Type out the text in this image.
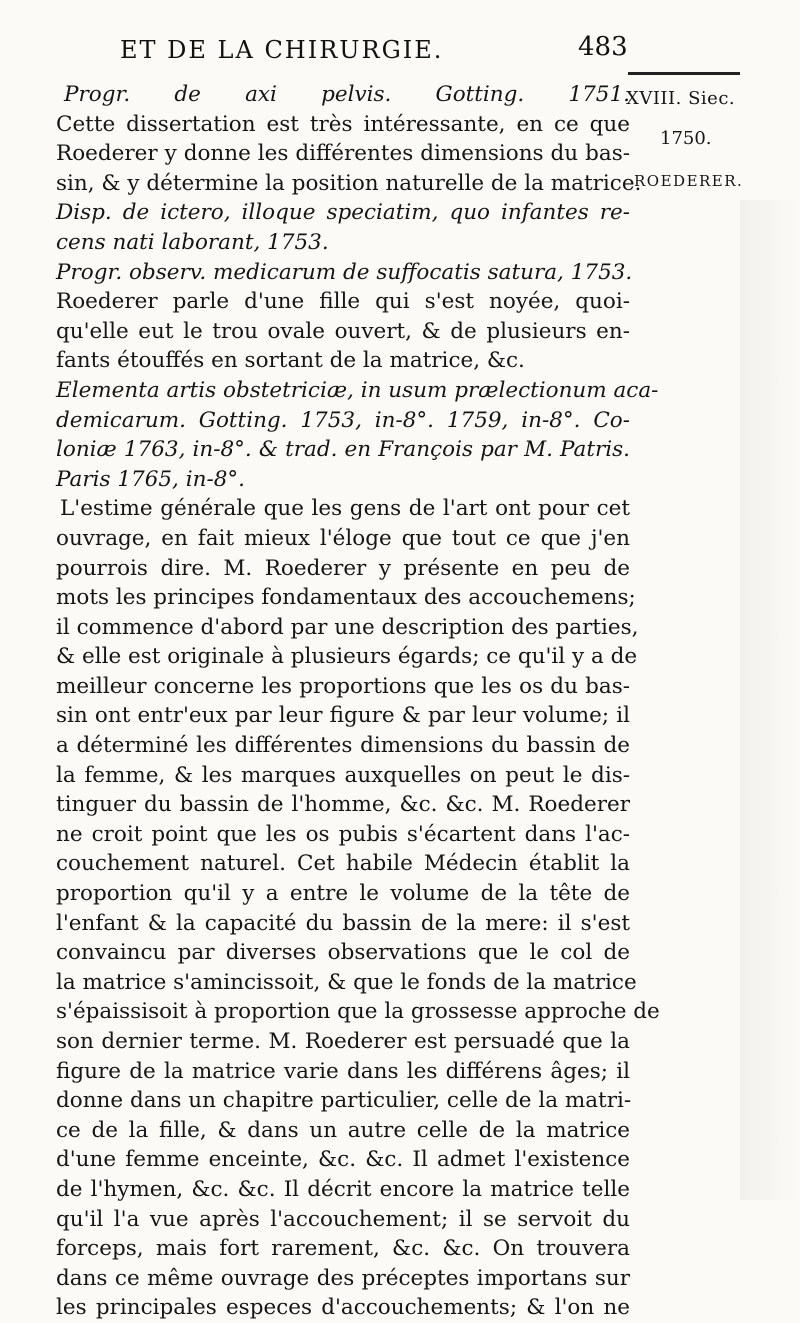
ET DE LA CHIRURGIE.	483
XVIII. Siec.
1750.
ROEDERER.
Progr. de axi pelvis. Gotting. 1751.
Cette dissertation est très intéressante, en ce que
Roederer y donne les différentes dimensions du bas-
sin, & y détermine la position naturelle de la matrice.
Disp. de ictero, illoque speciatim, quo infantes re-
cens nati laborant, 1753.
Progr. observ. medicarum de suffocatis satura, 1753.
Roederer parle d'une fille qui s'est noyée, quoi-
qu'elle eut le trou ovale ouvert, & de plusieurs en-
fants étouffés en sortant de la matrice, &c.
Elementa artis obstetriciæ, in usum prælectionum aca-
demicarum. Gotting. 1753, in-8°. 1759, in-8°. Co-
loniæ 1763, in-8°. & trad. en François par M. Patris.
Paris 1765, in-8°.
L'estime générale que les gens de l'art ont pour cet
ouvrage, en fait mieux l'éloge que tout ce que j'en
pourrois dire. M. Roederer y présente en peu de
mots les principes fondamentaux des accouchemens;
il commence d'abord par une description des parties,
& elle est originale à plusieurs égards; ce qu'il y a de
meilleur concerne les proportions que les os du bas-
sin ont entr'eux par leur figure & par leur volume; il
a déterminé les différentes dimensions du bassin de
la femme, & les marques auxquelles on peut le dis-
tinguer du bassin de l'homme, &c. &c. M. Roederer
ne croit point que les os pubis s'écartent dans l'ac-
couchement naturel. Cet habile Médecin établit la
proportion qu'il y a entre le volume de la tête de
l'enfant & la capacité du bassin de la mere: il s'est
convaincu par diverses observations que le col de
la matrice s'amincissoit, & que le fonds de la matrice
s'épaissisoit à proportion que la grossesse approche de
son dernier terme. M. Roederer est persuadé que la
figure de la matrice varie dans les différens âges; il
donne dans un chapitre particulier, celle de la matri-
ce de la fille, & dans un autre celle de la matrice
d'une femme enceinte, &c. &c. Il admet l'existence
de l'hymen, &c. &c. Il décrit encore la matrice telle
qu'il l'a vue après l'accouchement; il se servoit du
forceps, mais fort rarement, &c. &c. On trouvera
dans ce même ouvrage des préceptes importans sur
les principales especes d'accouchements; & l'on ne
